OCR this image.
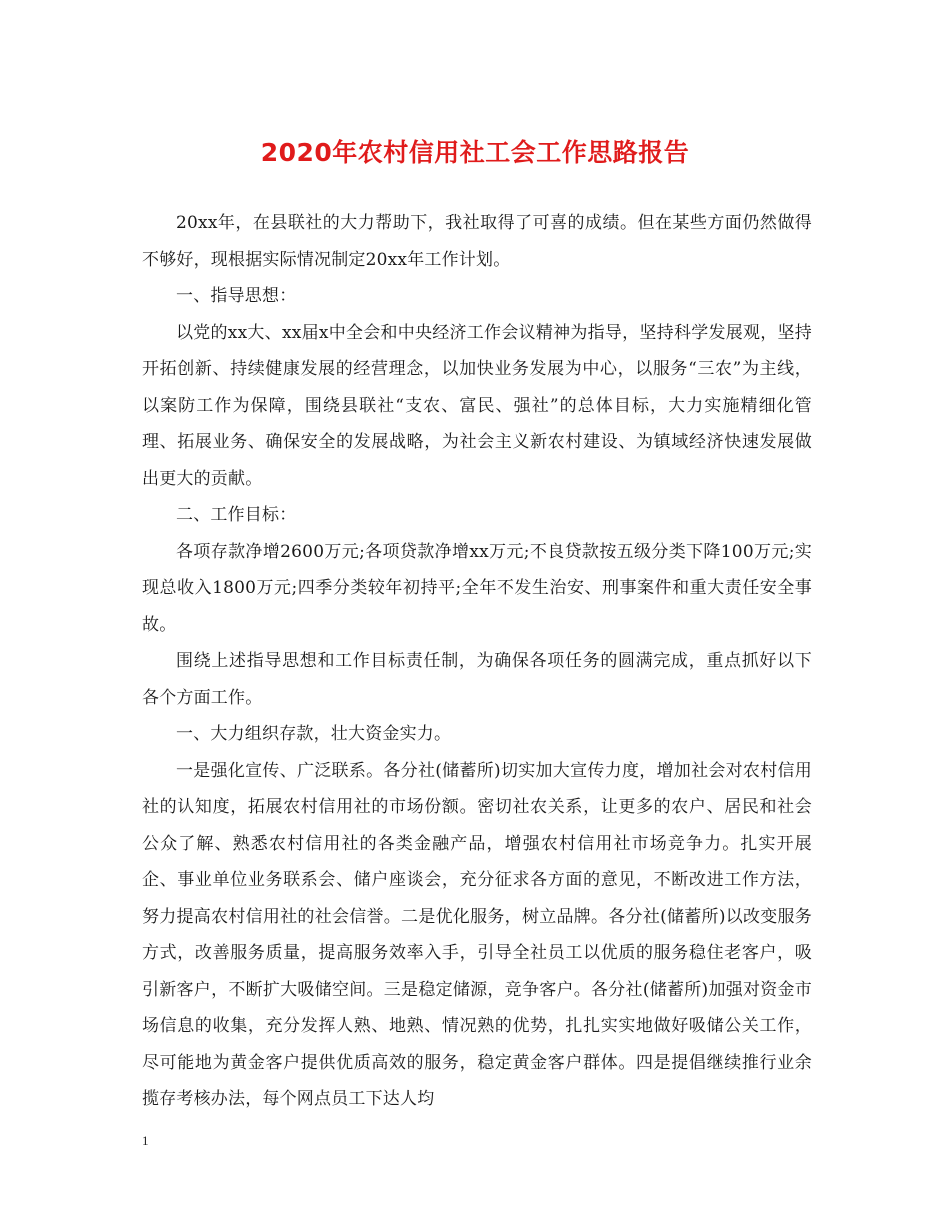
2020年农村信用社工会工作思路报告

20xx年，在县联社的大力帮助下，我社取得了可喜的成绩。但在某些方面仍然做得不够好，现根据实际情况制定20xx年工作计划。

一、指导思想：

以党的xx大、xx届x中全会和中央经济工作会议精神为指导，坚持科学发展观，坚持开拓创新、持续健康发展的经营理念，以加快业务发展为中心，以服务“三农”为主线，以案防工作为保障，围绕县联社“支农、富民、强社”的总体目标，大力实施精细化管理、拓展业务、确保安全的发展战略，为社会主义新农村建设、为镇域经济快速发展做出更大的贡献。

二、工作目标：

各项存款净增2600万元;各项贷款净增xx万元;不良贷款按五级分类下降100万元;实现总收入1800万元;四季分类较年初持平;全年不发生治安、刑事案件和重大责任安全事故。

围绕上述指导思想和工作目标责任制，为确保各项任务的圆满完成，重点抓好以下各个方面工作。

一、大力组织存款，壮大资金实力。

一是强化宣传、广泛联系。各分社(储蓄所)切实加大宣传力度，增加社会对农村信用社的认知度，拓展农村信用社的市场份额。密切社农关系，让更多的农户、居民和社会公众了解、熟悉农村信用社的各类金融产品，增强农村信用社市场竞争力。扎实开展企、事业单位业务联系会、储户座谈会，充分征求各方面的意见，不断改进工作方法，努力提高农村信用社的社会信誉。二是优化服务，树立品牌。各分社(储蓄所)以改变服务方式，改善服务质量，提高服务效率入手，引导全社员工以优质的服务稳住老客户，吸引新客户，不断扩大吸储空间。三是稳定储源，竞争客户。各分社(储蓄所)加强对资金市场信息的收集，充分发挥人熟、地熟、情况熟的优势，扎扎实实地做好吸储公关工作，尽可能地为黄金客户提供优质高效的服务，稳定黄金客户群体。四是提倡继续推行业余揽存考核办法，每个网点员工下达人均

1
